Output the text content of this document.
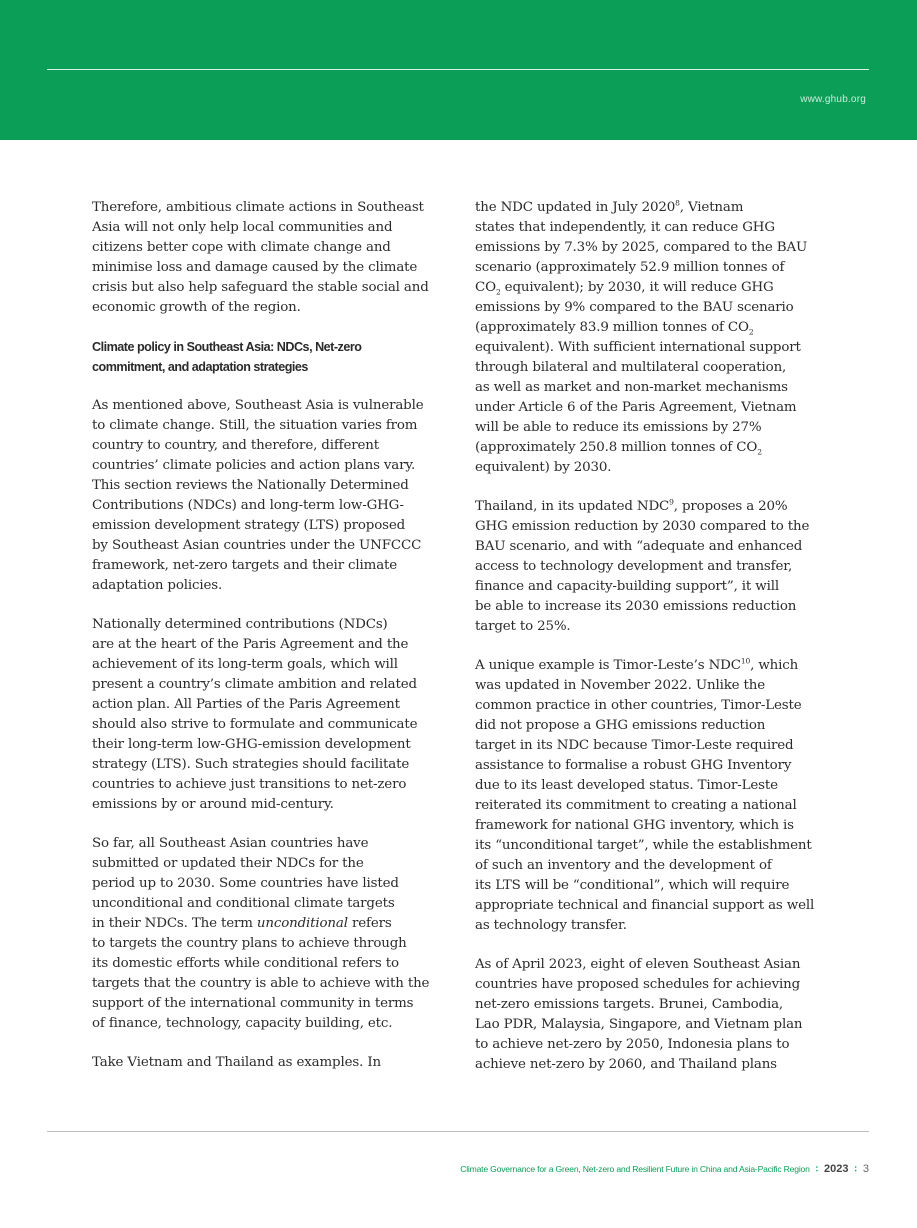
www.ghub.org

Therefore, ambitious climate actions in Southeast
Asia will not only help local communities and
citizens better cope with climate change and
minimise loss and damage caused by the climate
crisis but also help safeguard the stable social and
economic growth of the region.

Climate policy in Southeast Asia: NDCs, Net-zero
commitment, and adaptation strategies

As mentioned above, Southeast Asia is vulnerable
to climate change. Still, the situation varies from
country to country, and therefore, different
countries’ climate policies and action plans vary.
This section reviews the Nationally Determined
Contributions (NDCs) and long-term low-GHG-
emission development strategy (LTS) proposed
by Southeast Asian countries under the UNFCCC
framework, net-zero targets and their climate
adaptation policies.

Nationally determined contributions (NDCs)
are at the heart of the Paris Agreement and the
achievement of its long-term goals, which will
present a country’s climate ambition and related
action plan. All Parties of the Paris Agreement
should also strive to formulate and communicate
their long-term low-GHG-emission development
strategy (LTS). Such strategies should facilitate
countries to achieve just transitions to net-zero
emissions by or around mid-century.

So far, all Southeast Asian countries have
submitted or updated their NDCs for the
period up to 2030. Some countries have listed
unconditional and conditional climate targets
in their NDCs. The term unconditional refers
to targets the country plans to achieve through
its domestic efforts while conditional refers to
targets that the country is able to achieve with the
support of the international community in terms
of finance, technology, capacity building, etc.

Take Vietnam and Thailand as examples. In

the NDC updated in July 2020$^8$, Vietnam
states that independently, it can reduce GHG
emissions by 7.3% by 2025, compared to the BAU
scenario (approximately 52.9 million tonnes of
$CO_2$ equivalent); by 2030, it will reduce GHG
emissions by 9% compared to the BAU scenario
(approximately 83.9 million tonnes of $CO_2$
equivalent). With sufficient international support
through bilateral and multilateral cooperation,
as well as market and non-market mechanisms
under Article 6 of the Paris Agreement, Vietnam
will be able to reduce its emissions by 27%
(approximately 250.8 million tonnes of $CO_2$
equivalent) by 2030.

Thailand, in its updated NDC$^9$, proposes a 20%
GHG emission reduction by 2030 compared to the
BAU scenario, and with “adequate and enhanced
access to technology development and transfer,
finance and capacity-building support”, it will
be able to increase its 2030 emissions reduction
target to 25%.

A unique example is Timor-Leste’s NDC$^{10}$, which
was updated in November 2022. Unlike the
common practice in other countries, Timor-Leste
did not propose a GHG emissions reduction
target in its NDC because Timor-Leste required
assistance to formalise a robust GHG Inventory
due to its least developed status. Timor-Leste
reiterated its commitment to creating a national
framework for national GHG inventory, which is
its “unconditional target”, while the establishment
of such an inventory and the development of
its LTS will be “conditional”, which will require
appropriate technical and financial support as well
as technology transfer.

As of April 2023, eight of eleven Southeast Asian
countries have proposed schedules for achieving
net-zero emissions targets. Brunei, Cambodia,
Lao PDR, Malaysia, Singapore, and Vietnam plan
to achieve net-zero by 2050, Indonesia plans to
achieve net-zero by 2060, and Thailand plans

Climate Governance for a Green, Net-zero and Resilient Future in China and Asia-Pacific Region ∶ 2023 ∶ 3
